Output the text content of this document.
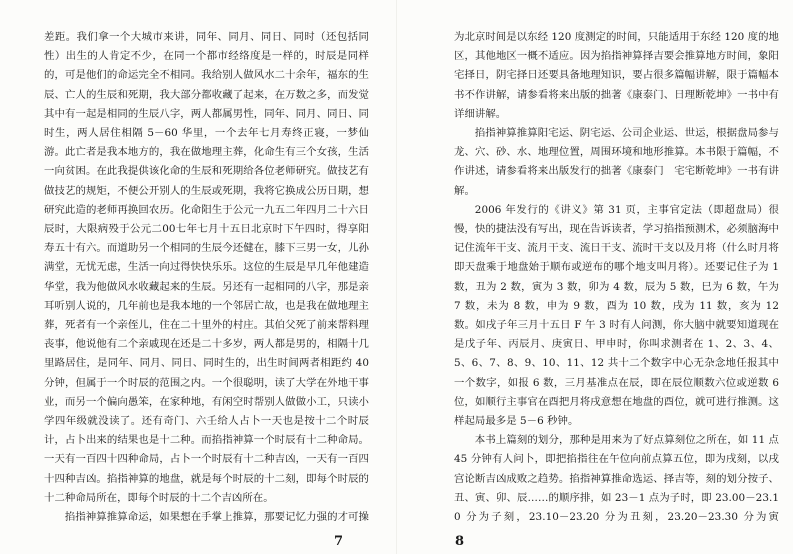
差距。我们拿一个大城市来讲，同年、同月、同日、同时（还包括同性）出生的人肯定不少，在同一个都市经络度是一样的，时辰是同样的，可是他们的命运完全不相同。我给别人做风水二十余年，福东的生辰、亡人的生辰和死期，我大部分都收藏了起来，在万数之多，而发觉其中有一起是相同的生辰八字，两人都属男性，同年、同月、同日、同时生，两人居住相隔 5－60 华里，一个去年七月寿终正寝，一梦仙游。此亡者是我本地方的，我在做地理主葬，化命生有三个女孩，生活一向贫困。在此我提供该化命的生辰和死期给各位老师研究。做技艺有做技艺的规矩，不便公开别人的生辰或死期，我将它换成公历日期，想研究此造的老师再换回农历。化命阳生于公元一九五二年四月二十六日辰时，大限病殁于公元二00七年七月十五日北京时下午四时，得享阳寿五十有六。而道助另一个相同的生辰今还健在，膝下三男一女，儿孙满堂，无忧无虑，生活一向过得快快乐乐。这位的生辰是早几年他建造华堂，我为他做风水收藏起来的生辰。另还有一起相同的八字，那是亲耳听别人说的，几年前也是我本地的一个邻居亡故，也是我在做地理主葬，死者有一个亲侄儿，住在二十里外的村庄。其伯父死了前来帮料理丧事，他说他有二个亲戚现在还是二十多岁，两人都是男的，相隔十几里路居住，是同年、同月、同日、同时生的，出生时间两者相距约 40 分钟，但属于一个时辰的范围之内。一个很聪明，读了大学在外地干事业，而另一个偏向愚笨，在家种地，有闲空时帮别人做做小工，只读小学四年级就没读了。还有奇门、六壬给人占卜一天也是按十二个时辰计，占卜出来的结果也是十二种。而掐指神算一个时辰有十二种命局。一天有一百四十四种命局，占卜一个时辰有十二种吉凶，一天有一百四十四种吉凶。掐指神算的地盘，就是每个时辰的十二刻，即每个时辰的十二种命局所在，即每个时辰的十二个吉凶所在。

掐指神算推算命运，如果想在手掌上推算，那要记忆力强的才可操

为北京时间是以东经 120 度测定的时间，只能适用于东经 120 度的地区，其他地区一概不适应。因为掐指神算择吉要会推算地方时间，象阳宅择日，阴宅择日还要具备地理知识，要占很多篇幅讲解，限于篇幅本书不作讲解，请参看将来出版的拙著《康泰门、日理断乾坤》一书中有详细讲解。

掐指神算推算阳宅运、阴宅运、公司企业运、世运，根据盘局参与龙、穴、砂、水、地理位置，周围环境和地形推算。本书限于篇幅，不作讲述，请参看将来出版发行的拙著《康泰门　宅宅断乾坤》一书有讲解。

2006 年发行的《讲义》第 31 页，主事官定法（即超盘局）很慢，快的捷法没有写出，现在告诉读者，学习掐指预测术，必须脑海中记住流年干支、流月干支、流日干支、流时干支以及月将（什么时月将即天盘乘于地盘始于顺布或逆布的哪个地支叫月将）。还要记住子为 1 数，丑为 2 数，寅为 3 数，卯为 4 数，辰为 5 数，巳为 6 数，午为 7 数，未为 8 数，申为 9 数，酉为 10 数，戌为 11 数，亥为 12 数。如戌子年三月十五日 F 午 3 时有人问测，你大脑中就要知道现在是戊子年、丙辰月、庚寅日、甲申时，你叫求测者在 1、2、3、4、5、6、7、8、9、10、11、12 共十二个数字中心无杂念地任报其中一个数字，如报 6 数，三月基准点在辰，即在辰位顺数六位或逆数 6 位，如顺行主事官在酉把月将戌意想在地盘的酉位，就可进行推测。这样起局最多是 5－6 秒钟。

本书上篇刻的划分，那种是用来为了好点算刻位之所在，如 11 点 45 分钟有人问卜，即把掐指往在午位向前点算五位，即为戌刻，以戌宫论断吉凶成败之趋势。掐指神算推命选运、择吉等，刻的划分按子、丑、寅、卯、辰……的顺序排，如 23－1 点为子时，即 23.00－23.10 分为子刻，23.10－23.20 分为丑刻，23.20－23.30 分为寅

7	8
